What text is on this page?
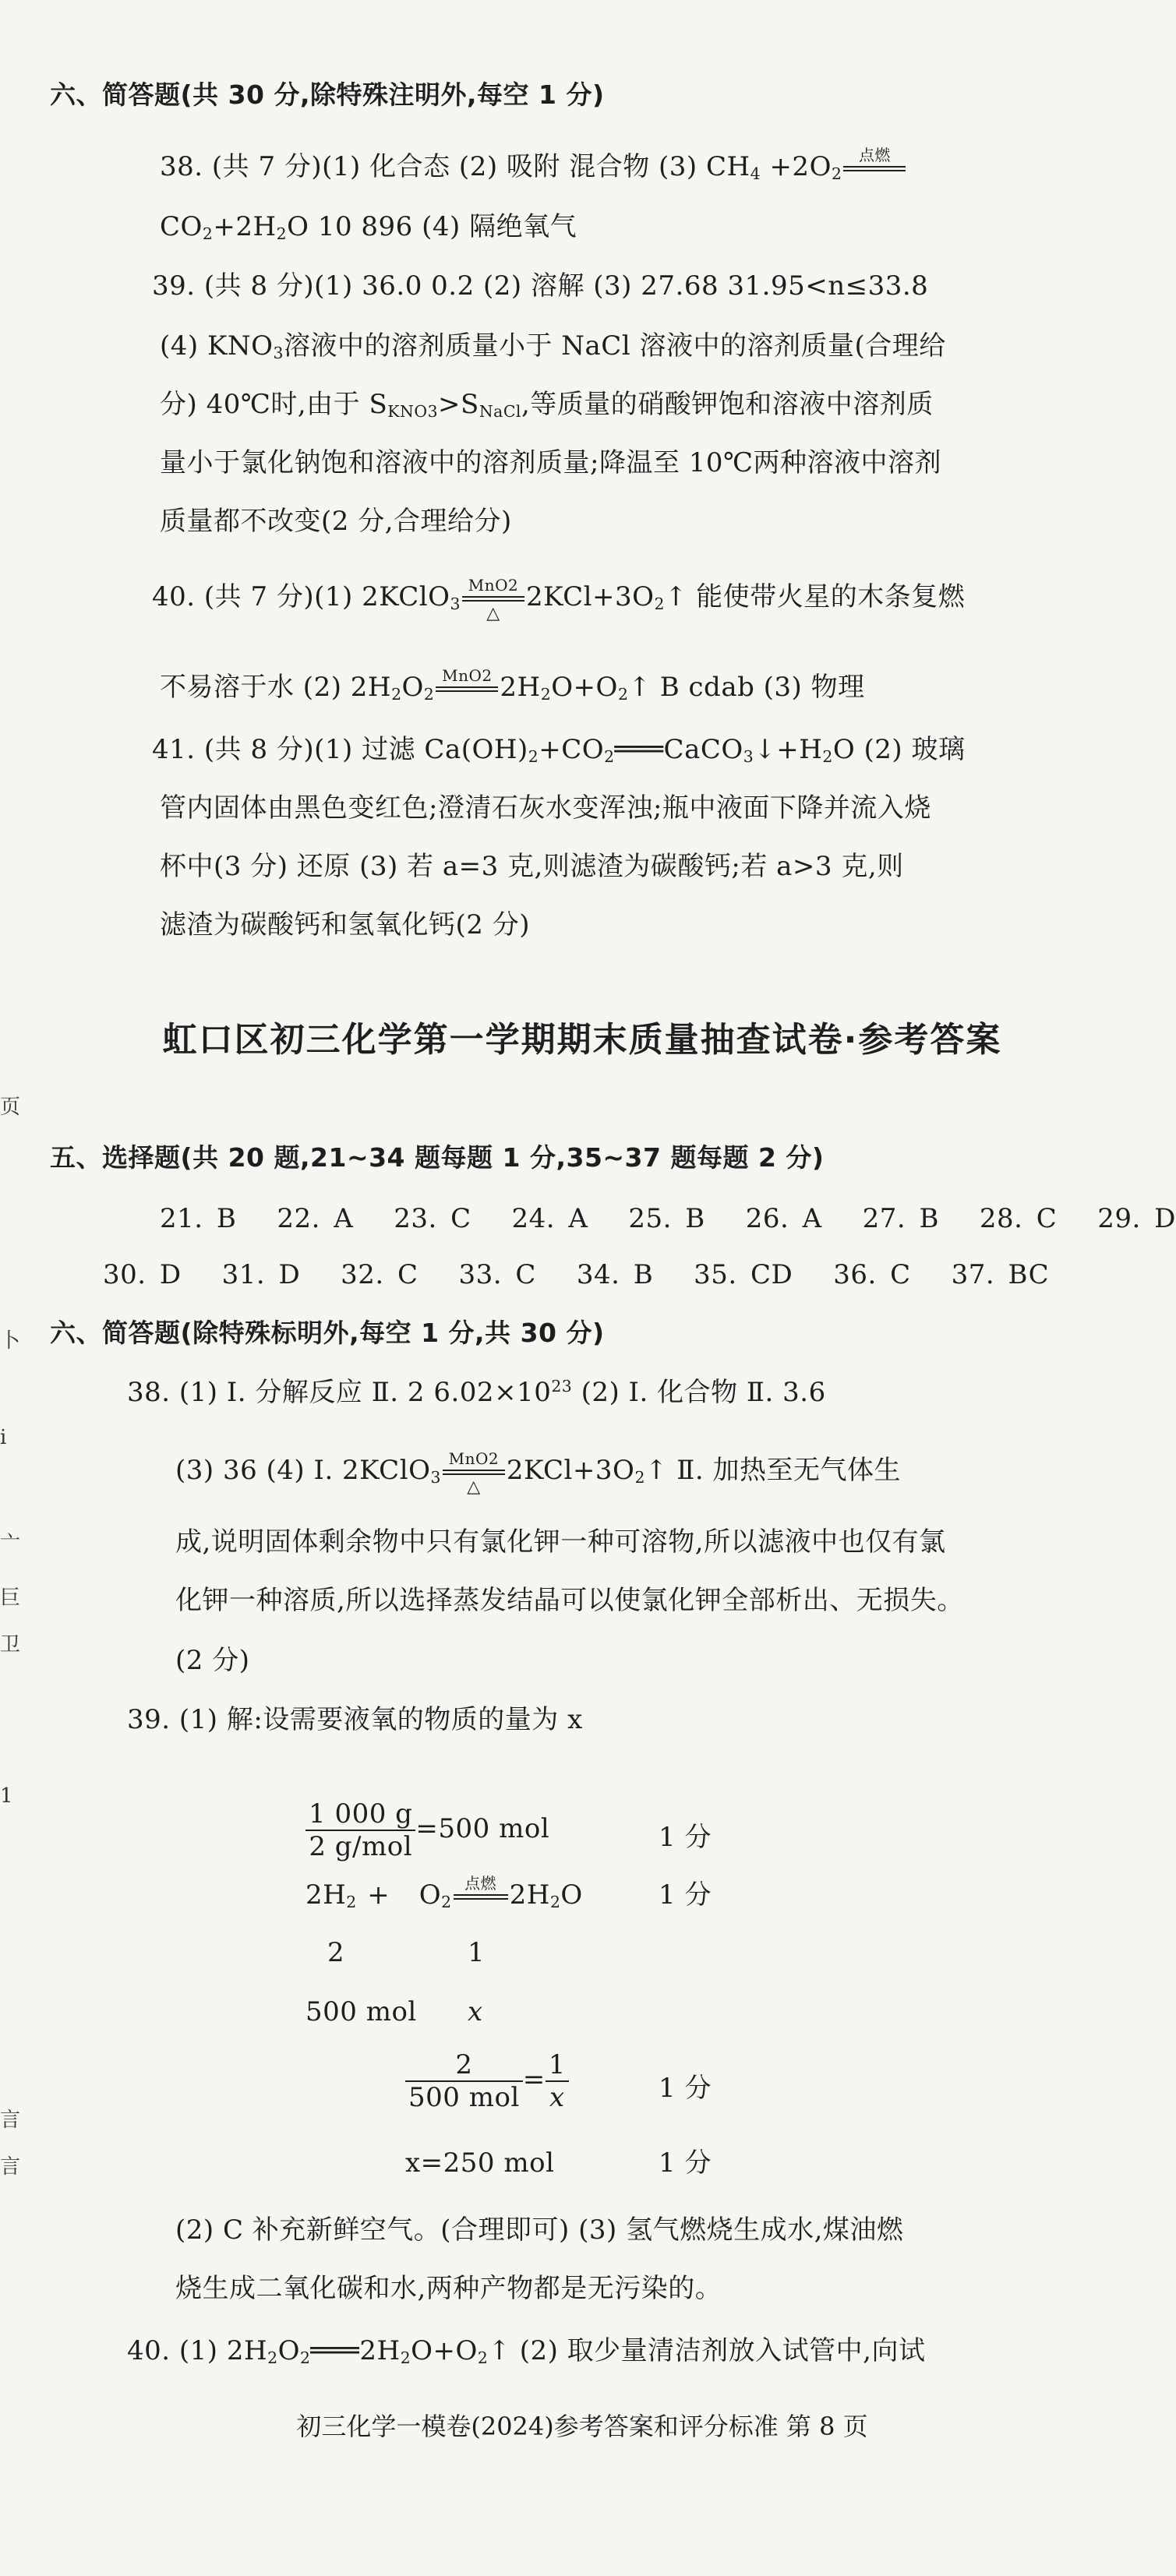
页
卜
i
亠
巨
卫
1
言
言
六、简答题(共 30 分,除特殊注明外,每空 1 分)
38. (共 7 分)(1) 化合态 (2) 吸附 混合物 (3) $CH_4 +2O_2$
点燃
$CO_2+2H_2O$ 10 896 (4) 隔绝氧气
39. (共 8 分)(1) 36.0 0.2 (2) 溶解 (3) 27.68 31.95<n≤33.8
(4) $KNO_3$溶液中的溶剂质量小于 NaCl 溶液中的溶剂质量(合理给
分) 40℃时,由于 $S_{KNO3}>S_{NaCl}$,等质量的硝酸钾饱和溶液中溶剂质
量小于氯化钠饱和溶液中的溶剂质量;降温至 10℃两种溶液中溶剂
质量都不改变(2 分,合理给分)
40. (共 7 分)(1) 2KClO$_3$
MnO2
△
$2KCl+3O_2↑$ 能使带火星的木条复燃
不易溶于水 (2) $2H_2O_2$
MnO2 $2H_2O+O_2↑$ B cdab (3) 物理
41. (共 8 分)(1) 过滤 $Ca(OH)_2+CO_2═══CaCO_3↓+H_2O$ (2) 玻璃
管内固体由黑色变红色;澄清石灰水变浑浊;瓶中液面下降并流入烧
杯中(3 分) 还原 (3) 若 a=3 克,则滤渣为碳酸钙;若 a>3 克,则
滤渣为碳酸钙和氢氧化钙(2 分)
虹口区初三化学第一学期期末质量抽查试卷·参考答案
五、选择题(共 20 题,21~34 题每题 1 分,35~37 题每题 2 分)
21. B 22. A 23. C 24. A 25. B 26. A 27. B 28. C 29. D
30. D 31. D 32. C 33. C 34. B 35. CD 36. C 37. BC
六、简答题(除特殊标明外,每空 1 分,共 30 分)
38. (1) Ⅰ. 分解反应 Ⅱ. 2 $6.02\times 10^{23}$ (2) Ⅰ. 化合物 Ⅱ. 3.6
(3) 36 (4) Ⅰ. 2KClO$_3$
MnO2
△
$2KCl+3O_2↑$ Ⅱ. 加热至无气体生
成,说明固体剩余物中只有氯化钾一种可溶物,所以滤液中也仅有氯
化钾一种溶质,所以选择蒸发结晶可以使氯化钾全部析出、无损失。
(2 分)
39. (1) 解:设需要液氧的物质的量为 x
$\frac{1 000 g}{\text{2 g/mol}} =500$ mol	1 分
$2H_2 + O_2$
点燃 $2H_2O$	1 分
2	1
500 mol x
$\frac{2}{\text{500 mol}} = \frac{1}{x}$	1 分
x=250 mol	1 分
(2) C 补充新鲜空气。(合理即可) (3) 氢气燃烧生成水,煤油燃
烧生成二氧化碳和水,两种产物都是无污染的。
40. (1) $2H_2O_2═══2H_2O+O_2↑$ (2) 取少量清洁剂放入试管中,向试
初三化学一模卷(2024)参考答案和评分标准 第 8 页
